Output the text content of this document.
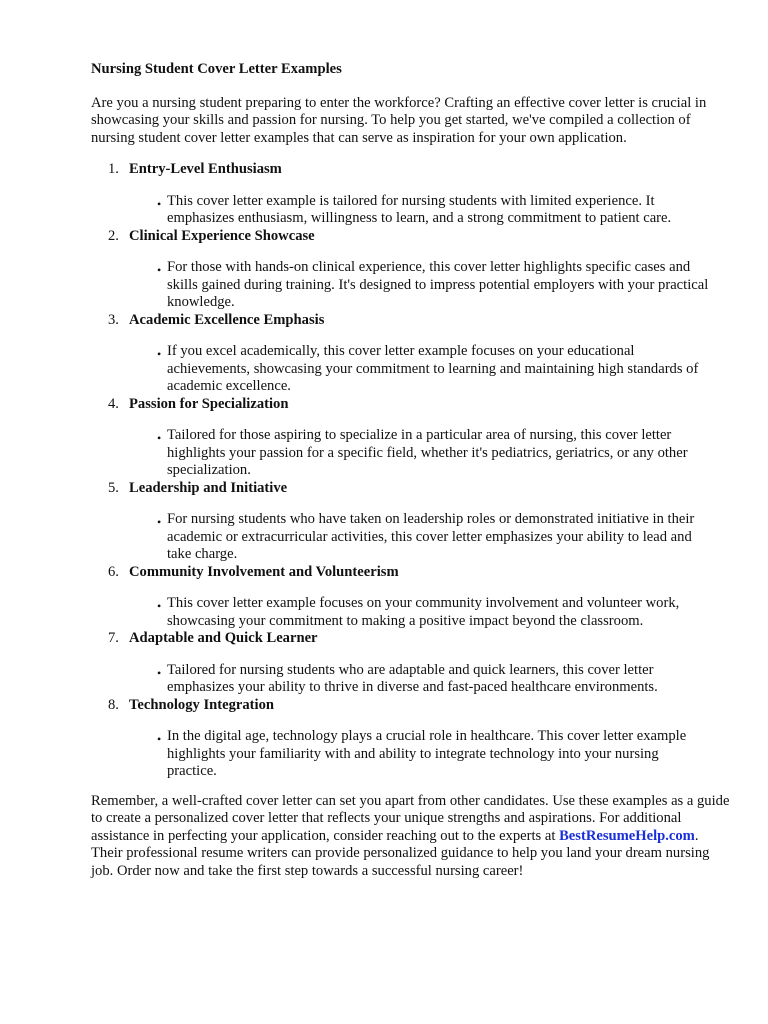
Nursing Student Cover Letter Examples

Are you a nursing student preparing to enter the workforce? Crafting an effective cover letter is crucial in showcasing your skills and passion for nursing. To help you get started, we've compiled a collection of nursing student cover letter examples that can serve as inspiration for your own application.

1. Entry-Level Enthusiasm
• This cover letter example is tailored for nursing students with limited experience. It emphasizes enthusiasm, willingness to learn, and a strong commitment to patient care.
2. Clinical Experience Showcase
• For those with hands-on clinical experience, this cover letter highlights specific cases and skills gained during training. It's designed to impress potential employers with your practical knowledge.
3. Academic Excellence Emphasis
• If you excel academically, this cover letter example focuses on your educational achievements, showcasing your commitment to learning and maintaining high standards of academic excellence.
4. Passion for Specialization
• Tailored for those aspiring to specialize in a particular area of nursing, this cover letter highlights your passion for a specific field, whether it's pediatrics, geriatrics, or any other specialization.
5. Leadership and Initiative
• For nursing students who have taken on leadership roles or demonstrated initiative in their academic or extracurricular activities, this cover letter emphasizes your ability to lead and take charge.
6. Community Involvement and Volunteerism
• This cover letter example focuses on your community involvement and volunteer work, showcasing your commitment to making a positive impact beyond the classroom.
7. Adaptable and Quick Learner
• Tailored for nursing students who are adaptable and quick learners, this cover letter emphasizes your ability to thrive in diverse and fast-paced healthcare environments.
8. Technology Integration
• In the digital age, technology plays a crucial role in healthcare. This cover letter example highlights your familiarity with and ability to integrate technology into your nursing practice.

Remember, a well-crafted cover letter can set you apart from other candidates. Use these examples as a guide to create a personalized cover letter that reflects your unique strengths and aspirations. For additional assistance in perfecting your application, consider reaching out to the experts at BestResumeHelp.com. Their professional resume writers can provide personalized guidance to help you land your dream nursing job. Order now and take the first step towards a successful nursing career!
